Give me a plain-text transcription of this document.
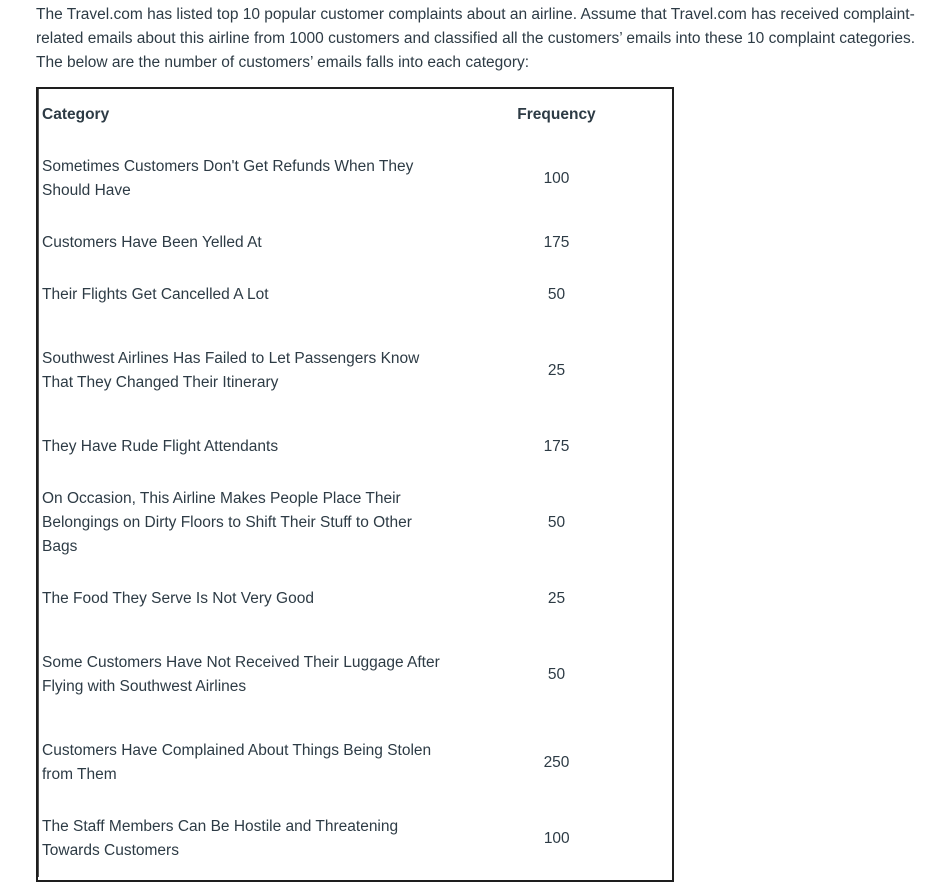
The Travel.com has listed top 10 popular customer complaints about an airline. Assume that Travel.com has received complaint-
related emails about this airline from 1000 customers and classified all the customers’ emails into these 10 complaint categories.
The below are the number of customers’ emails falls into each category:

Category	Frequency
Sometimes Customers Don't Get Refunds When They Should Have	100
Customers Have Been Yelled At	175
Their Flights Get Cancelled A Lot	50
Southwest Airlines Has Failed to Let Passengers Know That They Changed Their Itinerary	25
They Have Rude Flight Attendants	175
On Occasion, This Airline Makes People Place Their Belongings on Dirty Floors to Shift Their Stuff to Other Bags	50
The Food They Serve Is Not Very Good	25
Some Customers Have Not Received Their Luggage After Flying with Southwest Airlines	50
Customers Have Complained About Things Being Stolen from Them	250
The Staff Members Can Be Hostile and Threatening Towards Customers	100
